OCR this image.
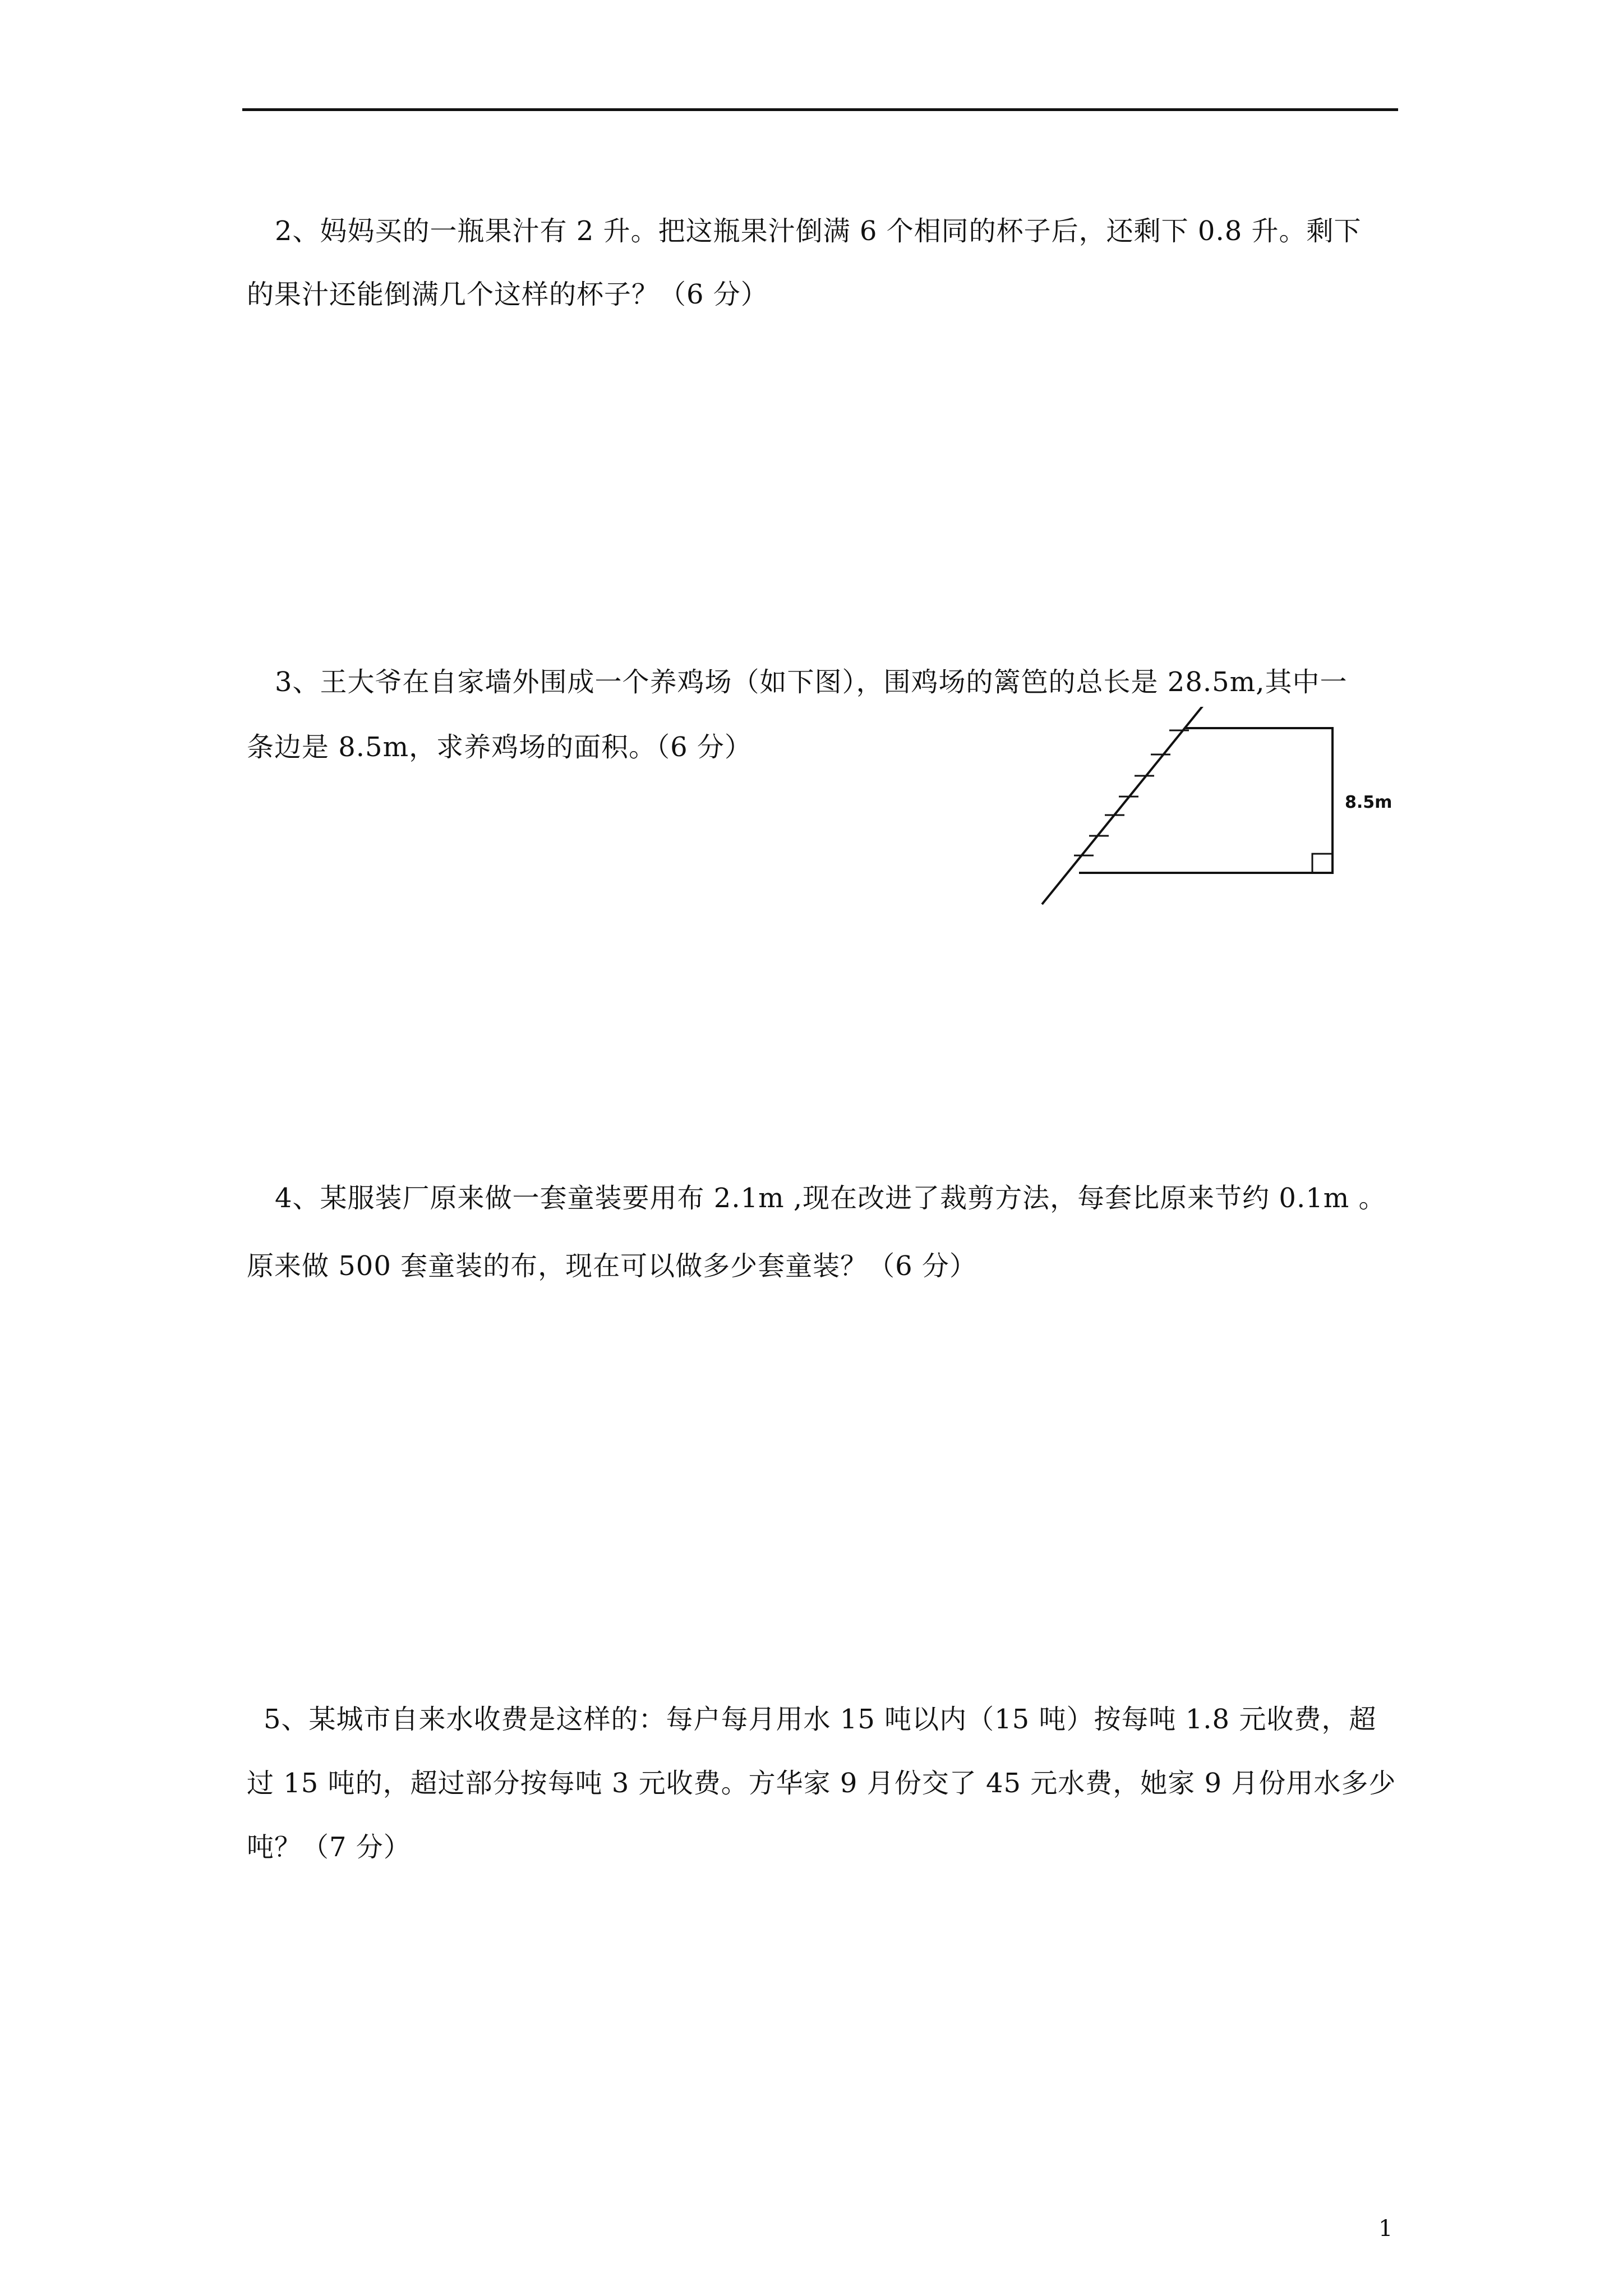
2、妈妈买的一瓶果汁有 2 升。把这瓶果汁倒满 6 个相同的杯子后，还剩下 0.8 升。剩下
的果汁还能倒满几个这样的杯子？（6 分）
3、王大爷在自家墙外围成一个养鸡场（如下图），围鸡场的篱笆的总长是 28.5m,其中一
条边是 8.5m，求养鸡场的面积。（6 分）
8.5m
4、某服装厂原来做一套童装要用布 2.1m ,现在改进了裁剪方法，每套比原来节约 0.1m 。
原来做 500 套童装的布，现在可以做多少套童装？（6 分）
5、某城市自来水收费是这样的：每户每月用水 15 吨以内（15 吨）按每吨 1.8 元收费，超
过 15 吨的，超过部分按每吨 3 元收费。方华家 9 月份交了 45 元水费，她家 9 月份用水多少
吨？（7 分）
1
